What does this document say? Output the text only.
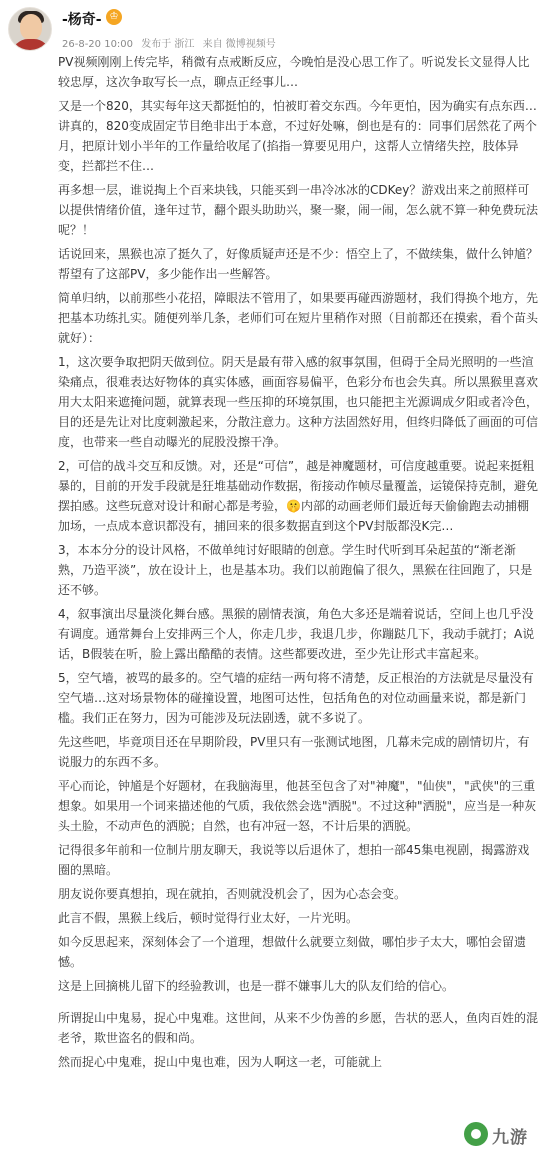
-杨奇- ♔
26-8-20 10:00 发布于 浙江 来自 微博视频号

PV视频刚刚上传完毕，稍微有点戒断反应，今晚怕是没心思工作了。听说发长文显得人比较忠厚，这次争取写长一点，聊点正经事儿…

又是一个820，其实每年这天都挺怕的，怕被盯着交东西。今年更怕，因为确实有点东西…讲真的，820变成固定节目绝非出于本意，不过好处嘛，倒也是有的：同事们居然花了两个月，把原计划小半年的工作量给收尾了(掐指一算要见用户，这帮人立情绪失控，肢体异变，拦都拦不住…

再多想一层，谁说掏上个百来块钱，只能买到一串冷冰冰的CDKey？游戏出来之前照样可以提供情绪价值，逢年过节，翻个跟头助助兴，聚一聚，闹一闹，怎么就不算一种免费玩法呢？！

话说回来，黑猴也凉了挺久了，好像质疑声还是不少：悟空上了，不做续集，做什么钟馗？帮望有了这部PV，多少能作出一些解答。

简单归纳，以前那些小花招，障眼法不管用了，如果要再碰西游题材，我们得换个地方，先把基本功练扎实。随便列举几条，老师们可在短片里稍作对照（目前都还在摸索，看个苗头就好）：

1，这次要争取把阴天做到位。阴天是最有带入感的叙事氛围，但碍于全局光照明的一些渲染痛点，很难表达好物体的真实体感，画面容易偏平，色彩分布也会失真。所以黑猴里喜欢用大太阳来遮掩问题，就算表现一些压抑的环境氛围，也只能把主光源调成夕阳或者冷色，目的还是先让对比度刺激起来，分散注意力。这种方法固然好用，但终归降低了画面的可信度，也带来一些自动曝光的屁股没擦干净。

2，可信的战斗交互和反馈。对，还是“可信”，越是神魔题材，可信度越重要。说起来挺粗暴的，目前的开发手段就是狂堆基础动作数据，衔接动作帧尽量覆盖，运镜保持克制，避免摆拍感。这些玩意对设计和耐心都是考验，🤫内部的动画老师们最近每天偷偷跑去动捕棚加场，一点成本意识都没有，捕回来的很多数据直到这个PV封版都没K完…

3，本本分分的设计风格，不做单纯讨好眼睛的创意。学生时代听到耳朵起茧的“渐老渐熟，乃造平淡”，放在设计上，也是基本功。我们以前跑偏了很久，黑猴在往回跑了，只是还不够。

4，叙事演出尽量淡化舞台感。黑猴的剧情表演，角色大多还是端着说话，空间上也几乎没有调度。通常舞台上安排两三个人，你走几步，我退几步，你蹦跶几下，我动手就打；A说话，B假装在听，脸上露出酷酷的表情。这些都要改进，至少先让形式丰富起来。

5，空气墙，被骂的最多的。空气墙的症结一两句将不清楚，反正根治的方法就是尽量没有空气墙…这对场景物体的碰撞设置，地图可达性，包括角色的对位动画量来说，都是新门槛。我们正在努力，因为可能涉及玩法剧透，就不多说了。

先这些吧，毕竟项目还在早期阶段，PV里只有一张测试地图，几幕未完成的剧情切片，有说服力的东西不多。

平心而论，钟馗是个好题材，在我脑海里，他甚至包含了对"神魔"，"仙侠"，"武侠"的三重想象。如果用一个词来描述他的气质，我依然会选"洒脱"。不过这种"洒脱"，应当是一种灰头土脸，不动声色的洒脱；自然，也有冲冠一怒，不计后果的洒脱。

记得很多年前和一位制片朋友聊天，我说等以后退休了，想拍一部45集电视剧，揭露游戏圈的黑暗。

朋友说你要真想拍，现在就拍，否则就没机会了，因为心态会变。

此言不假，黑猴上线后，顿时觉得行业太好，一片光明。

如今反思起来，深刻体会了一个道理，想做什么就要立刻做，哪怕步子太大，哪怕会留遗憾。

这是上回摘桃儿留下的经验教训，也是一群不嫌事儿大的队友们给的信心。

所谓捉山中鬼易，捉心中鬼难。这世间，从来不少伪善的乡愿，告状的恶人，鱼肉百姓的混老爷，欺世盗名的假和尚。

然而捉心中鬼难，捉山中鬼也难，因为人啊这一老，可能就上

九游
